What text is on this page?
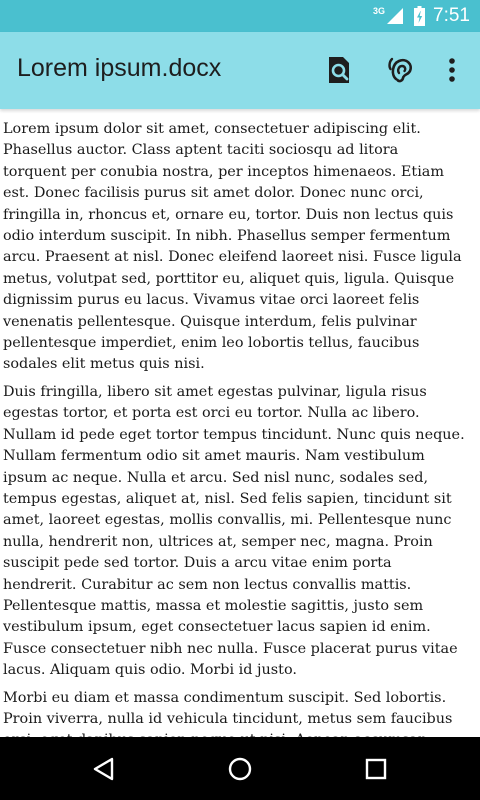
3G	7:51
Lorem ipsum.docx

Lorem ipsum dolor sit amet, consectetuer adipiscing elit. Phasellus auctor. Class aptent taciti sociosqu ad litora torquent per conubia nostra, per inceptos himenaeos. Etiam est. Donec facilisis purus sit amet dolor. Donec nunc orci, fringilla in, rhoncus et, ornare eu, tortor. Duis non lectus quis odio interdum suscipit. In nibh. Phasellus semper fermentum arcu. Praesent at nisl. Donec eleifend laoreet nisi. Fusce ligula metus, volutpat sed, porttitor eu, aliquet quis, ligula. Quisque dignissim purus eu lacus. Vivamus vitae orci laoreet felis venenatis pellentesque. Quisque interdum, felis pulvinar pellentesque imperdiet, enim leo lobortis tellus, faucibus sodales elit metus quis nisi.

Duis fringilla, libero sit amet egestas pulvinar, ligula risus egestas tortor, et porta est orci eu tortor. Nulla ac libero. Nullam id pede eget tortor tempus tincidunt. Nunc quis neque. Nullam fermentum odio sit amet mauris. Nam vestibulum ipsum ac neque. Nulla et arcu. Sed nisl nunc, sodales sed, tempus egestas, aliquet at, nisl. Sed felis sapien, tincidunt sit amet, laoreet egestas, mollis convallis, mi. Pellentesque nunc nulla, hendrerit non, ultrices at, semper nec, magna. Proin suscipit pede sed tortor. Duis a arcu vitae enim porta hendrerit. Curabitur ac sem non lectus convallis mattis. Pellentesque mattis, massa et molestie sagittis, justo sem vestibulum ipsum, eget consectetuer lacus sapien id enim. Fusce consectetuer nibh nec nulla. Fusce placerat purus vitae lacus. Aliquam quis odio. Morbi id justo.

Morbi eu diam et massa condimentum suscipit. Sed lobortis. Proin viverra, nulla id vehicula tincidunt, metus sem faucibus
